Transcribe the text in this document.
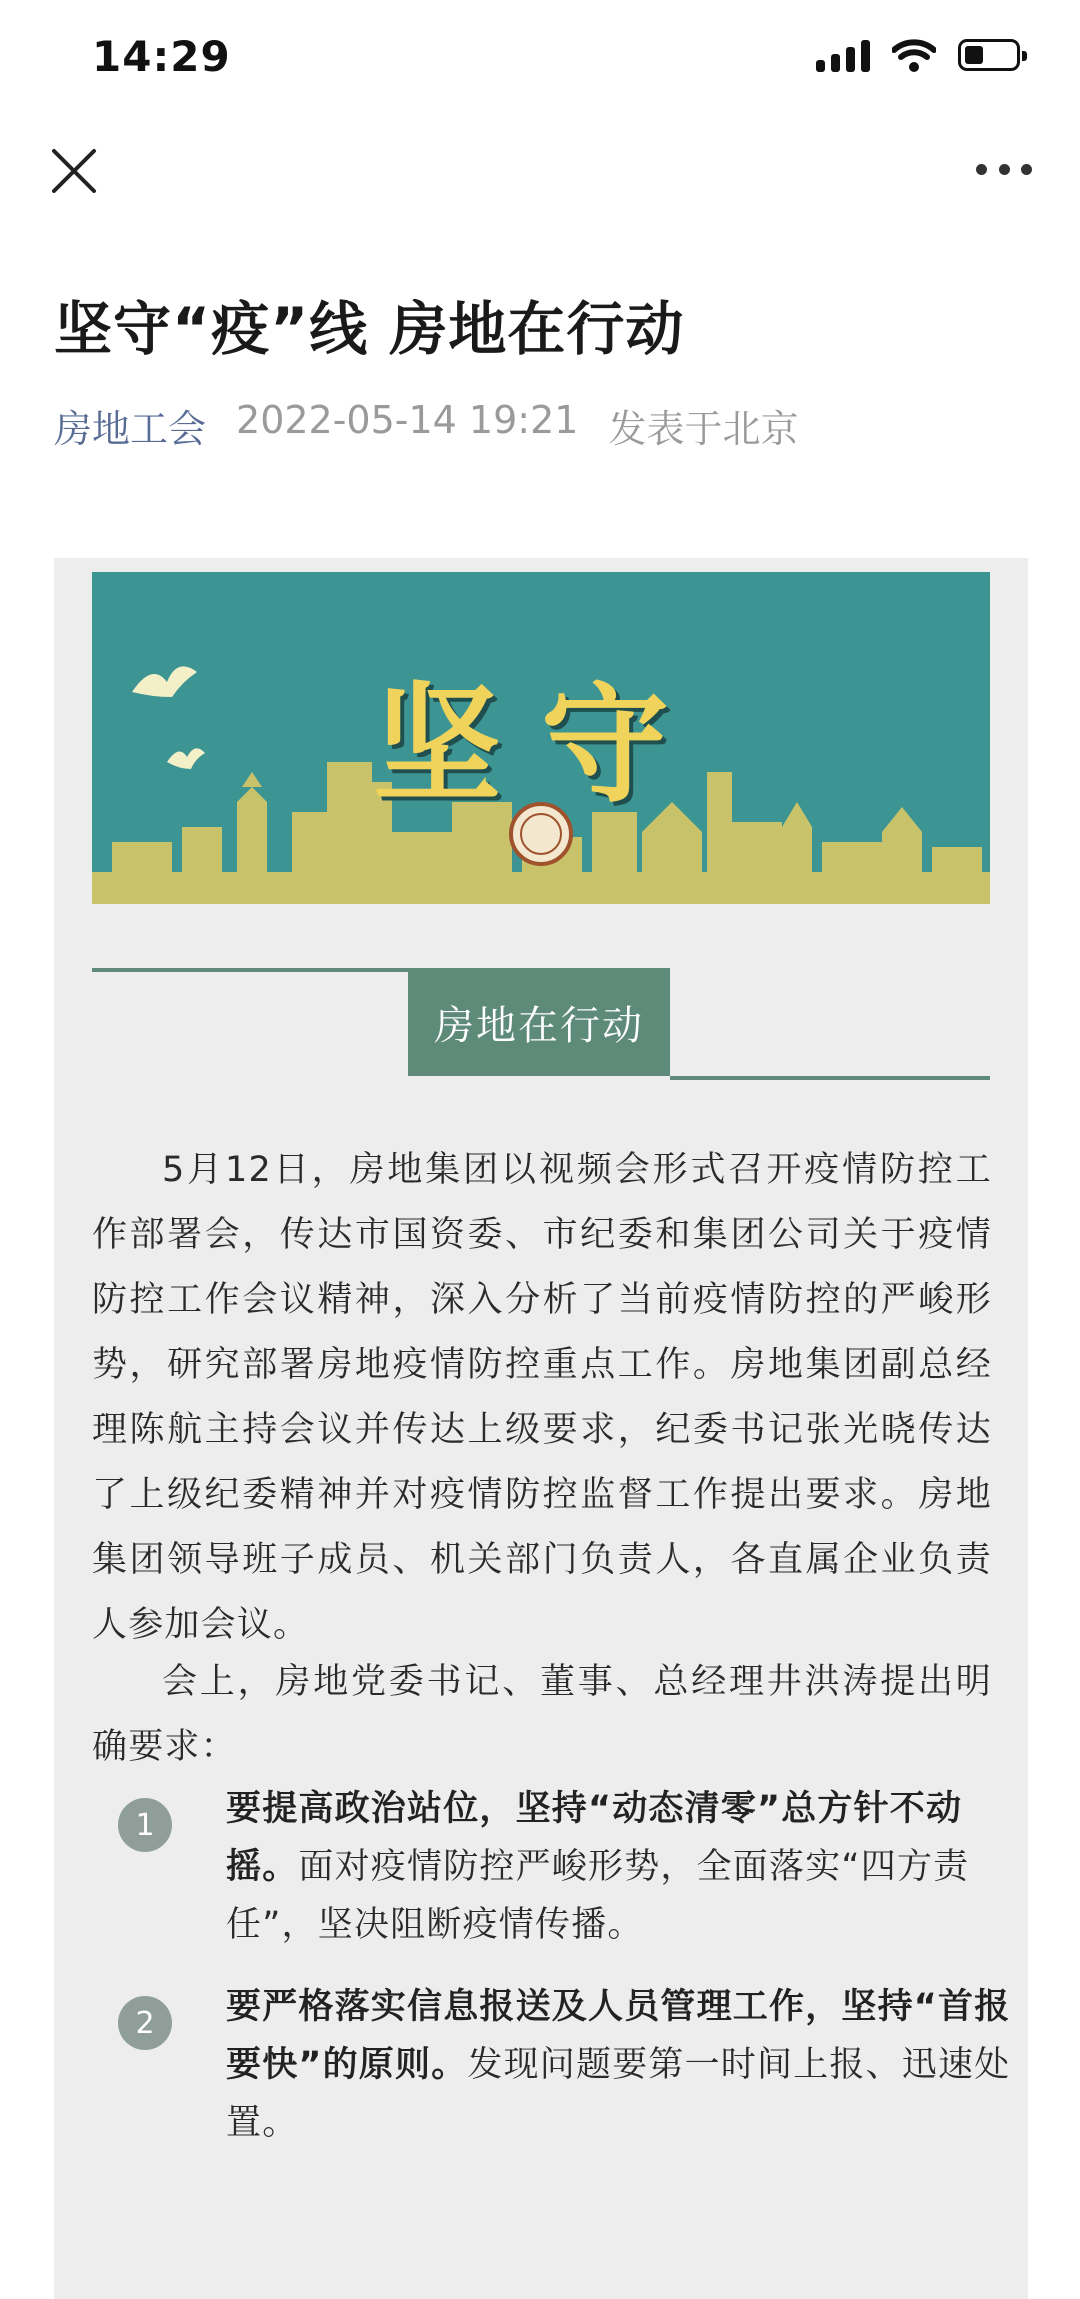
14:29
坚守“疫”线 房地在行动
房地工会 2022-05-14 19:21 发表于北京
坚守
房地在行动
5月12日，房地集团以视频会形式召开疫情防控工作部署会，传达市国资委、市纪委和集团公司关于疫情防控工作会议精神，深入分析了当前疫情防控的严峻形势，研究部署房地疫情防控重点工作。房地集团副总经理陈航主持会议并传达上级要求，纪委书记张光晓传达了上级纪委精神并对疫情防控监督工作提出要求。房地集团领导班子成员、机关部门负责人，各直属企业负责人参加会议。
会上，房地党委书记、董事、总经理井洪涛提出明确要求：
1	要提高政治站位，坚持“动态清零”总方针不动摇。面对疫情防控严峻形势，全面落实“四方责任”，坚决阻断疫情传播。
2	要严格落实信息报送及人员管理工作，坚持“首报要快”的原则。发现问题要第一时间上报、迅速处置。
